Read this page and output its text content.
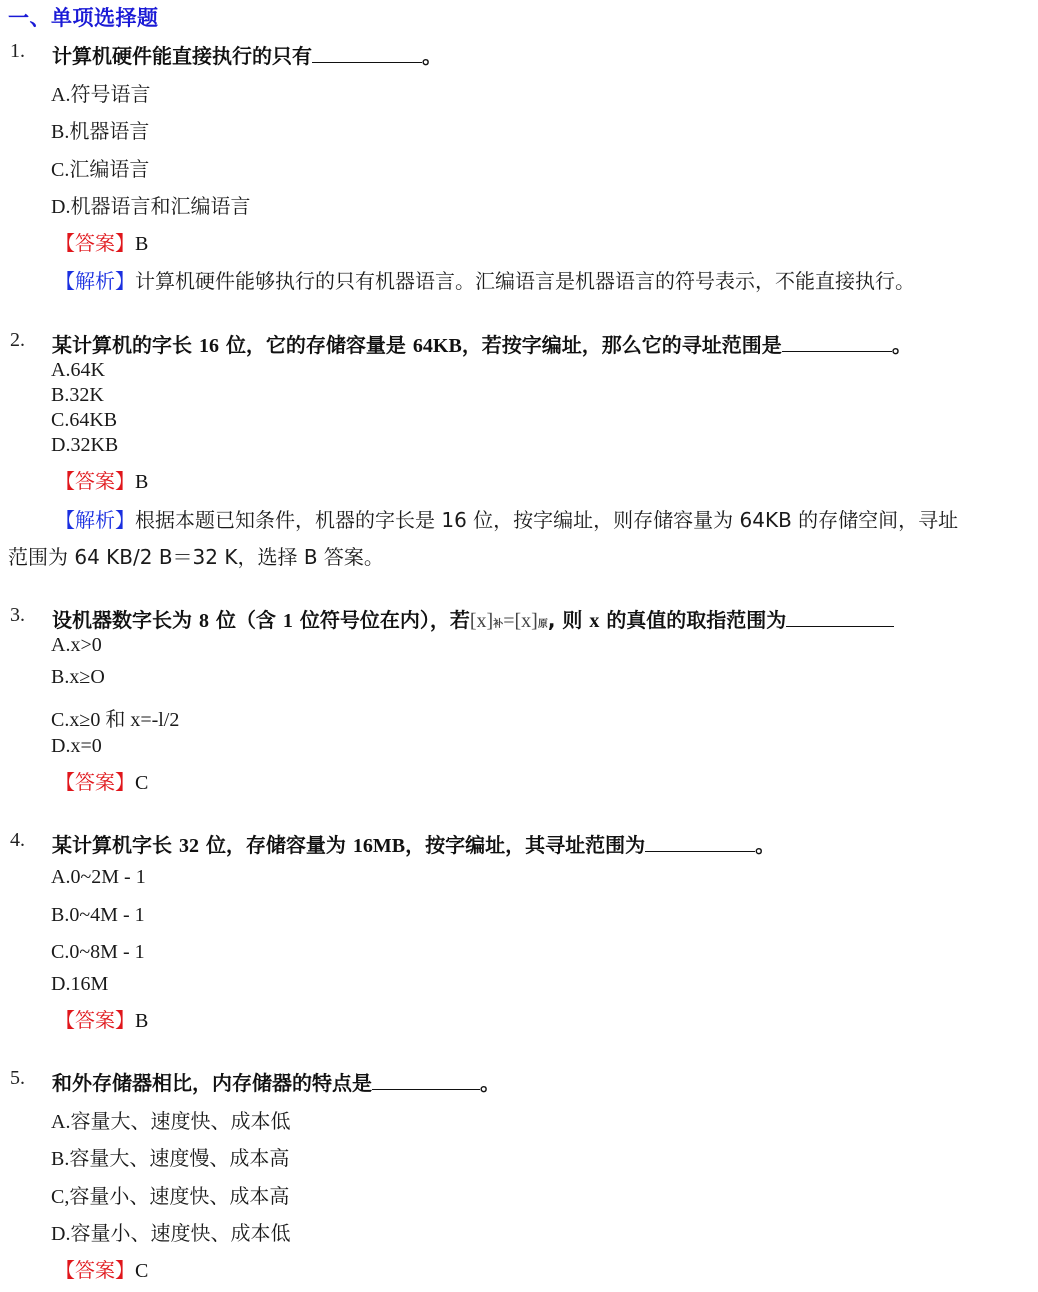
一、单项选择题
1. 计算机硬件能直接执行的只有	。
A.符号语言
B.机器语言
C.汇编语言
D.机器语言和汇编语言
【答案】B
【解析】计算机硬件能够执行的只有机器语言。汇编语言是机器语言的符号表示，不能直接执行。
2. 某计算机的字长 16 位，它的存储容量是 64KB，若按字编址，那么它的寻址范围是	。
A.64K
B.32K
C.64KB
D.32KB
【答案】B
【解析】根据本题已知条件，机器的字长是 16 位，按字编址，则存储容量为 64KB 的存储空间，寻址
范围为 64 KB/2 B＝32 K，选择 B 答案。
3. 设机器数字长为 8 位（含 1 位符号位在内），若[x]补=[x]原, 则 x 的真值的取指范围为
A.x>0
B.x≥O
C.x≥0 和 x=-l/2
D.x=0
【答案】C
4. 某计算机字长 32 位，存储容量为 16MB，按字编址，其寻址范围为	。
A.0~2M - 1
B.0~4M - 1
C.0~8M - 1
D.16M
【答案】B
5. 和外存储器相比，内存储器的特点是	。
A.容量大、速度快、成本低
B.容量大、速度慢、成本高
C,容量小、速度快、成本高
D.容量小、速度快、成本低
【答案】C
